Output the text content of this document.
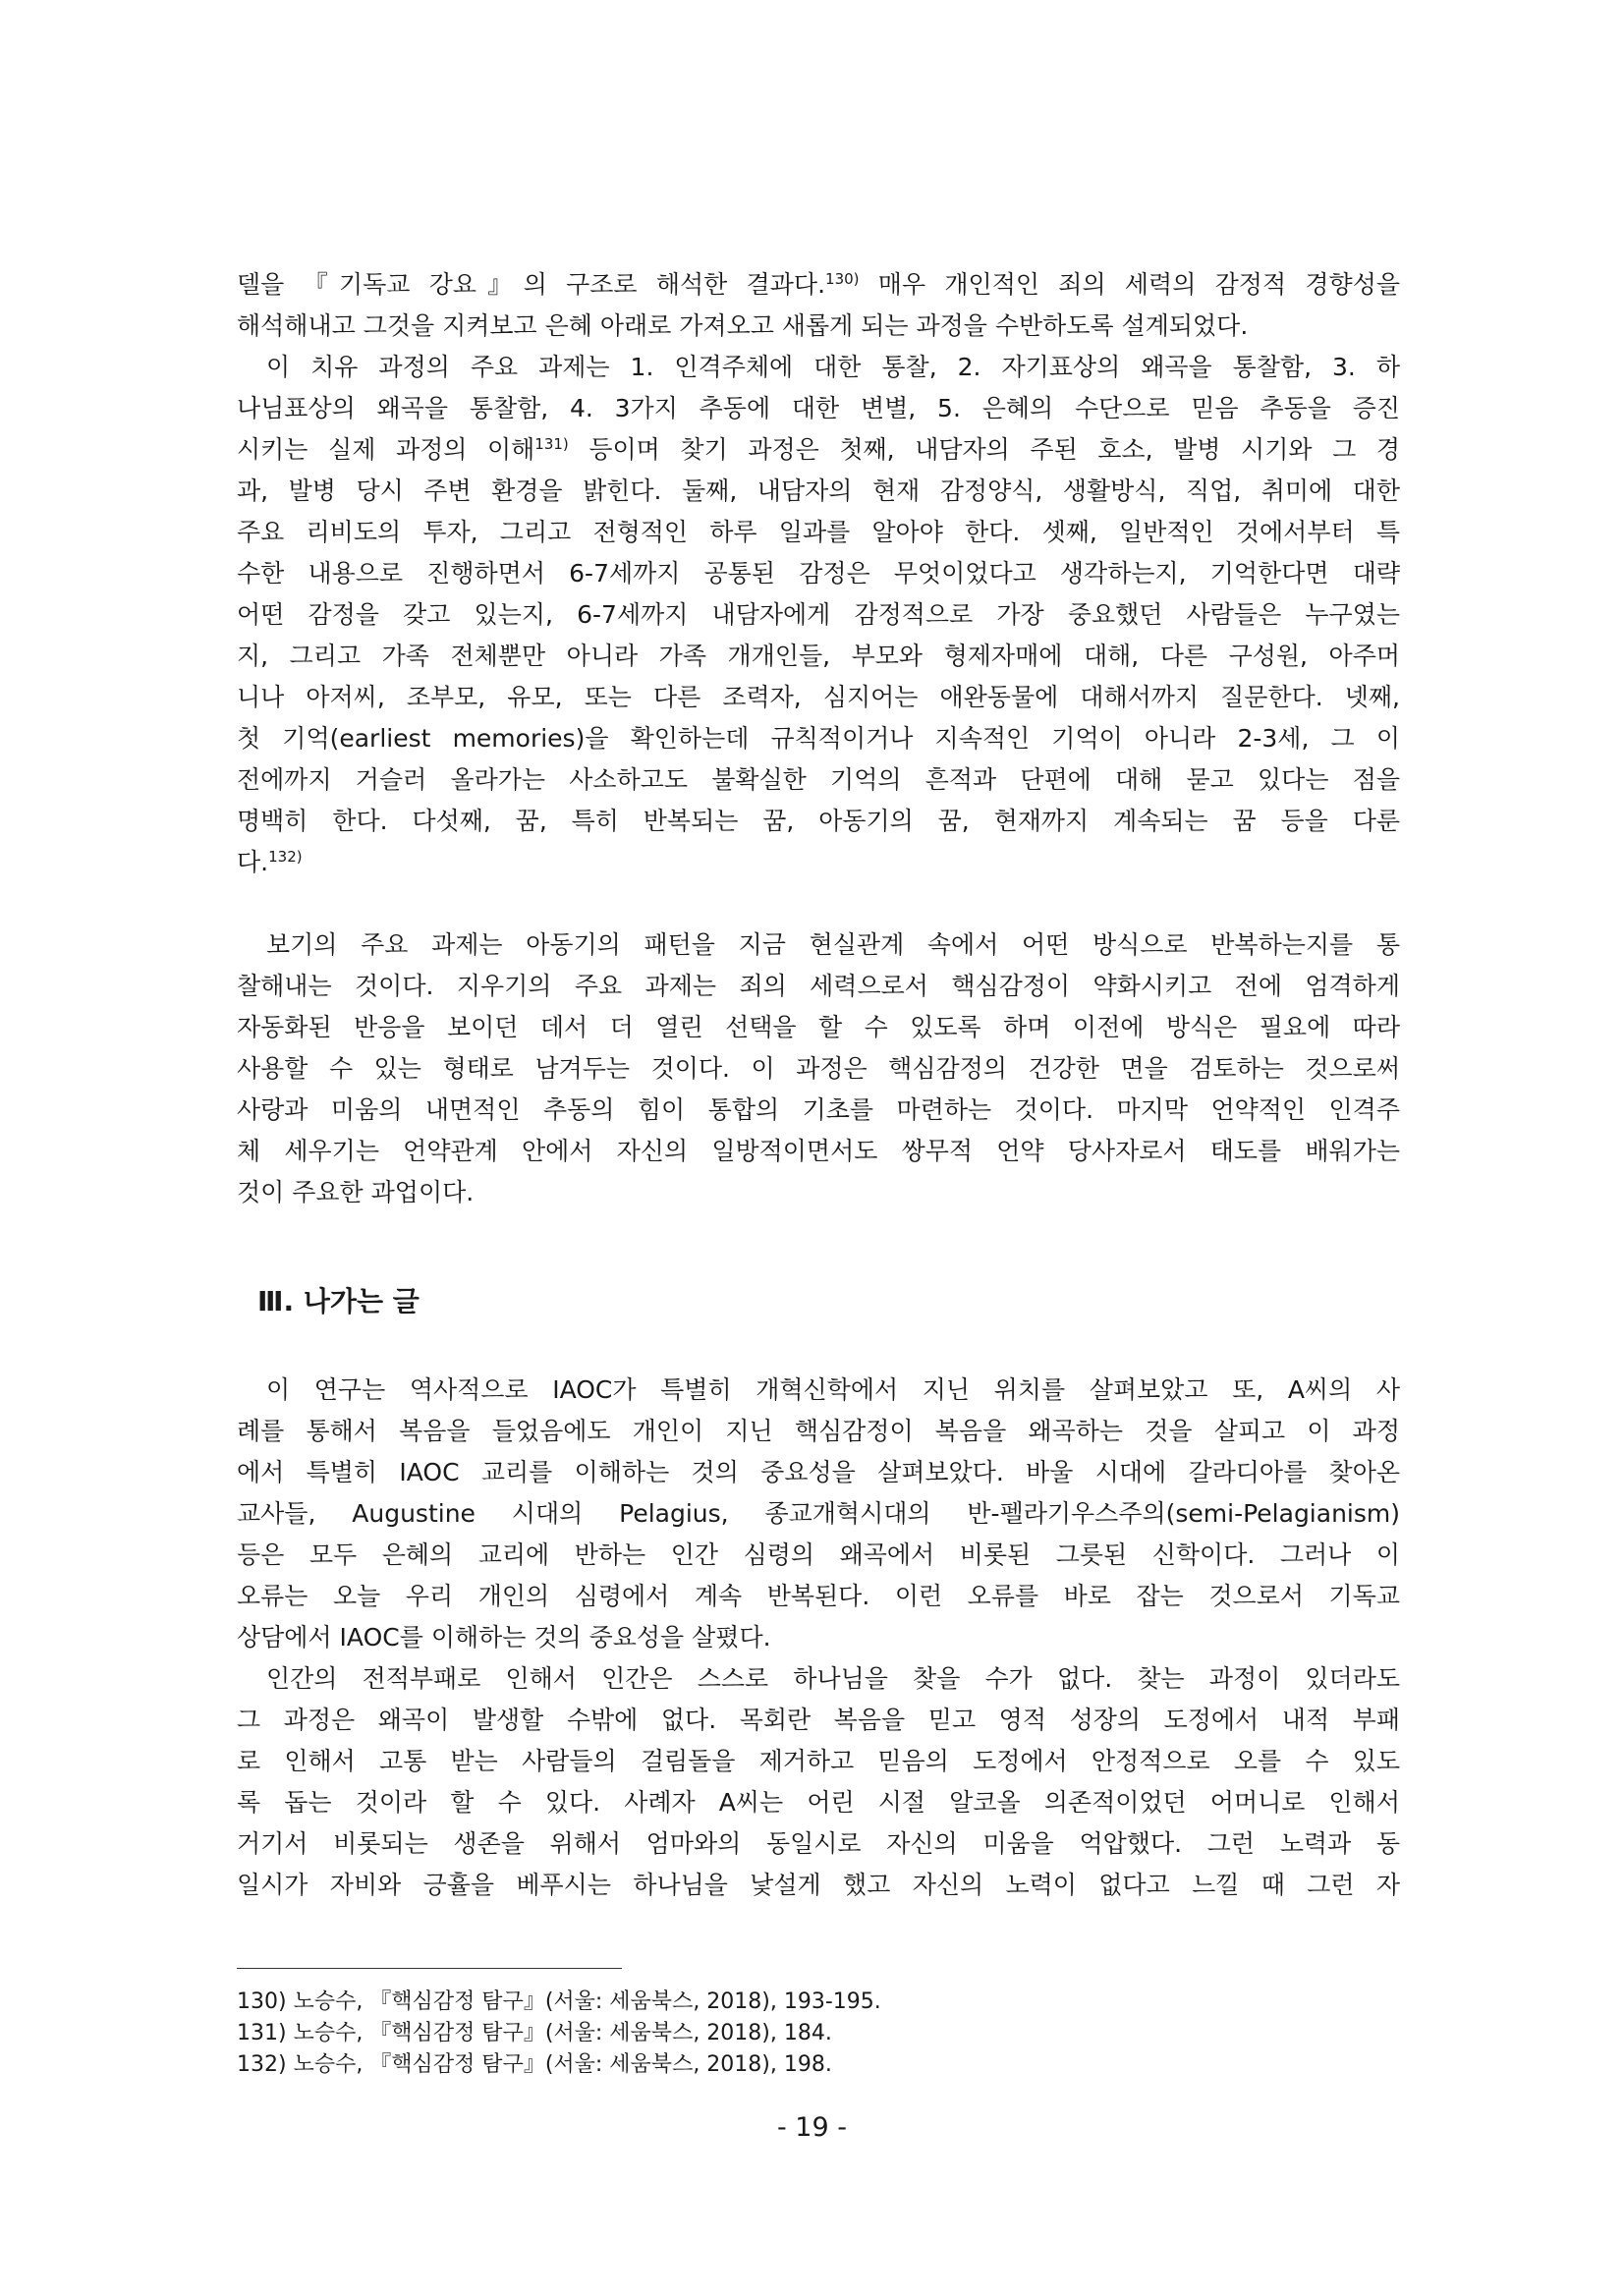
델을 『기독교 강요』의 구조로 해석한 결과다.$^{130)}$ 매우 개인적인 죄의 세력의 감정적 경향성을
해석해내고 그것을 지켜보고 은혜 아래로 가져오고 새롭게 되는 과정을 수반하도록 설계되었다.
이 치유 과정의 주요 과제는 1. 인격주체에 대한 통찰, 2. 자기표상의 왜곡을 통찰함, 3. 하
나님표상의 왜곡을 통찰함, 4. 3가지 추동에 대한 변별, 5. 은혜의 수단으로 믿음 추동을 증진
시키는 실제 과정의 이해$^{131)}$ 등이며 찾기 과정은 첫째, 내담자의 주된 호소, 발병 시기와 그 경
과, 발병 당시 주변 환경을 밝힌다. 둘째, 내담자의 현재 감정양식, 생활방식, 직업, 취미에 대한
주요 리비도의 투자, 그리고 전형적인 하루 일과를 알아야 한다. 셋째, 일반적인 것에서부터 특
수한 내용으로 진행하면서 6-7세까지 공통된 감정은 무엇이었다고 생각하는지, 기억한다면 대략
어떤 감정을 갖고 있는지, 6-7세까지 내담자에게 감정적으로 가장 중요했던 사람들은 누구였는
지, 그리고 가족 전체뿐만 아니라 가족 개개인들, 부모와 형제자매에 대해, 다른 구성원, 아주머
니나 아저씨, 조부모, 유모, 또는 다른 조력자, 심지어는 애완동물에 대해서까지 질문한다. 넷째,
첫 기억(earliest memories)을 확인하는데 규칙적이거나 지속적인 기억이 아니라 2-3세, 그 이
전에까지 거슬러 올라가는 사소하고도 불확실한 기억의 흔적과 단편에 대해 묻고 있다는 점을
명백히 한다. 다섯째, 꿈, 특히 반복되는 꿈, 아동기의 꿈, 현재까지 계속되는 꿈 등을 다룬
다.$^{132)}$
보기의 주요 과제는 아동기의 패턴을 지금 현실관계 속에서 어떤 방식으로 반복하는지를 통
찰해내는 것이다. 지우기의 주요 과제는 죄의 세력으로서 핵심감정이 약화시키고 전에 엄격하게
자동화된 반응을 보이던 데서 더 열린 선택을 할 수 있도록 하며 이전에 방식은 필요에 따라
사용할 수 있는 형태로 남겨두는 것이다. 이 과정은 핵심감정의 건강한 면을 검토하는 것으로써
사랑과 미움의 내면적인 추동의 힘이 통합의 기초를 마련하는 것이다. 마지막 언약적인 인격주
체 세우기는 언약관계 안에서 자신의 일방적이면서도 쌍무적 언약 당사자로서 태도를 배워가는
것이 주요한 과업이다.
Ⅲ. 나가는 글
이 연구는 역사적으로 IAOC가 특별히 개혁신학에서 지닌 위치를 살펴보았고 또, A씨의 사
례를 통해서 복음을 들었음에도 개인이 지닌 핵심감정이 복음을 왜곡하는 것을 살피고 이 과정
에서 특별히 IAOC 교리를 이해하는 것의 중요성을 살펴보았다. 바울 시대에 갈라디아를 찾아온
교사들, Augustine 시대의 Pelagius, 종교개혁시대의 반-펠라기우스주의(semi-Pelagianism)
등은 모두 은혜의 교리에 반하는 인간 심령의 왜곡에서 비롯된 그릇된 신학이다. 그러나 이
오류는 오늘 우리 개인의 심령에서 계속 반복된다. 이런 오류를 바로 잡는 것으로서 기독교
상담에서 IAOC를 이해하는 것의 중요성을 살폈다.
인간의 전적부패로 인해서 인간은 스스로 하나님을 찾을 수가 없다. 찾는 과정이 있더라도
그 과정은 왜곡이 발생할 수밖에 없다. 목회란 복음을 믿고 영적 성장의 도정에서 내적 부패
로 인해서 고통 받는 사람들의 걸림돌을 제거하고 믿음의 도정에서 안정적으로 오를 수 있도
록 돕는 것이라 할 수 있다. 사례자 A씨는 어린 시절 알코올 의존적이었던 어머니로 인해서
거기서 비롯되는 생존을 위해서 엄마와의 동일시로 자신의 미움을 억압했다. 그런 노력과 동
일시가 자비와 긍휼을 베푸시는 하나님을 낯설게 했고 자신의 노력이 없다고 느낄 때 그런 자
130) 노승수, 『핵심감정 탐구』(서울: 세움북스, 2018), 193-195.
131) 노승수, 『핵심감정 탐구』(서울: 세움북스, 2018), 184.
132) 노승수, 『핵심감정 탐구』(서울: 세움북스, 2018), 198.
- 19 -
